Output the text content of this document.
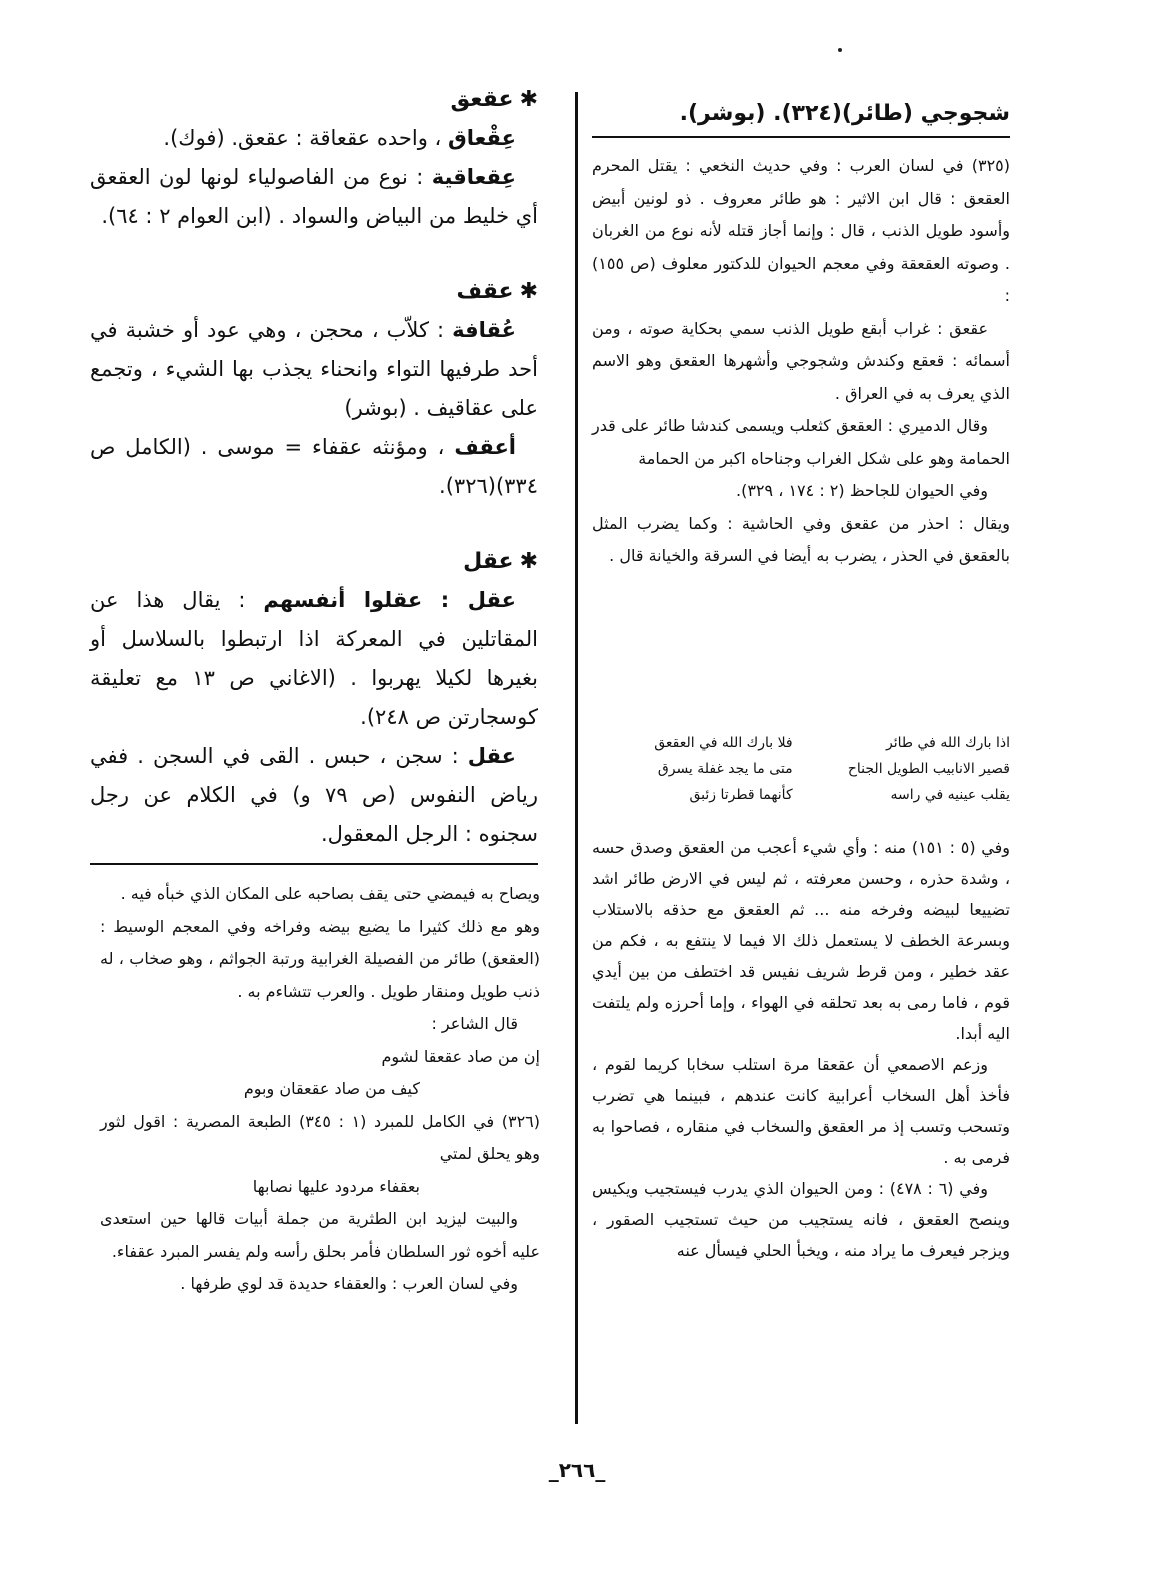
شجوجي (طائر)(٣٢٤). (بوشر).

(٣٢٥) في لسان العرب : وفي حديث النخعي : يقتل المحرم العقعق : قال ابن الاثير : هو طائر معروف . ذو لونين أبيض وأسود طويل الذنب ، قال : وإنما أجاز قتله لأنه نوع من الغربان . وصوته العقعقة وفي معجم الحيوان للدكتور معلوف (ص ١٥٥) :

عقعق : غراب أبقع طويل الذنب سمي بحكاية صوته ، ومن أسمائه : قعقع وكندش وشجوجي وأشهرها العقعق وهو الاسم الذي يعرف به في العراق .

وقال الدميري : العقعق كثعلب ويسمى كندشا طائر على قدر الحمامة وهو على شكل الغراب وجناحاه اكبر من الحمامة

وفي الحيوان للجاحظ (٢ : ١٧٤ ، ٣٢٩).

ويقال : احذر من عقعق وفي الحاشية : وكما يضرب المثل بالعقعق في الحذر ، يضرب به أيضا في السرقة والخيانة قال .

اذا بارك الله في طائر
فلا بارك الله في العقعق
قصير الانابيب الطويل الجناح
متى ما يجد غفلة يسرق
يقلب عينيه في راسه
كأنهما قطرتا زئبق

وفي (٥ : ١٥١) منه : وأي شيء أعجب من العقعق وصدق حسه ، وشدة حذره ، وحسن معرفته ، ثم ليس في الارض طائر اشد تضييعا لبيضه وفرخه منه ... ثم العقعق مع حذقه بالاستلاب وبسرعة الخطف لا يستعمل ذلك الا فيما لا ينتفع به ، فكم من عقد خطير ، ومن قرط شريف نفيس قد اختطف من بين أيدي قوم ، فاما رمى به بعد تحلقه في الهواء ، وإما أحرزه ولم يلتفت اليه أبدا.

وزعم الاصمعي أن عقعقا مرة استلب سخابا كريما لقوم ، فأخذ أهل السخاب أعرابية كانت عندهم ، فبينما هي تضرب وتسحب وتسب إذ مر العقعق والسخاب في منقاره ، فصاحوا به فرمى به .

وفي (٦ : ٤٧٨) : ومن الحيوان الذي يدرب فيستجيب ويكيس وينصح العقعق ، فانه يستجيب من حيث تستجيب الصقور ، ويزجر فيعرف ما يراد منه ، ويخبأ الحلي فيسأل عنه

✱عقعق

عِقْعاق ، واحده عقعاقة : عقعق. (فوك).

عِقعاقية : نوع من الفاصولياء لونها لون العقعق أي خليط من البياض والسواد . (ابن العوام ٢ : ٦٤).

✱عقف

عُقافة : كلاّب ، محجن ، وهي عود أو خشبة في أحد طرفيها التواء وانحناء يجذب بها الشيء ، وتجمع على عقاقيف . (بوشر)

أعقف ، ومؤنثه عقفاء = موسى . (الكامل ص ٣٣٤)(٣٢٦).

✱عقل

عقل : عقلوا أنفسهم : يقال هذا عن المقاتلين في المعركة اذا ارتبطوا بالسلاسل أو بغيرها لكيلا يهربوا . (الاغاني ص ١٣ مع تعليقة كوسجارتن ص ٢٤٨).

عقل : سجن ، حبس . القى في السجن . ففي رياض النفوس (ص ٧٩ و) في الكلام عن رجل سجنوه : الرجل المعقول.

ويصاح به فيمضي حتى يقف بصاحبه على المكان الذي خبأه فيه .

وهو مع ذلك كثيرا ما يضيع بيضه وفراخه وفي المعجم الوسيط : (العقعق) طائر من الفصيلة الغرابية ورتبة الجواثم ، وهو صخاب ، له ذنب طويل ومنقار طويل . والعرب تتشاءم به .

قال الشاعر :

إن من صاد عقعقا لشوم

كيف من صاد عقعقان وبوم

(٣٢٦) في الكامل للمبرد (١ : ٣٤٥) الطبعة المصرية : اقول لثور وهو يحلق لمتي

بعقفاء مردود عليها نصابها

والبيت ليزيد ابن الطثرية من جملة أبيات قالها حين استعدى عليه أخوه ثور السلطان فأمر بحلق رأسه ولم يفسر المبرد عقفاء.

وفي لسان العرب : والعقفاء حديدة قد لوي طرفها .

_٢٦٦_
